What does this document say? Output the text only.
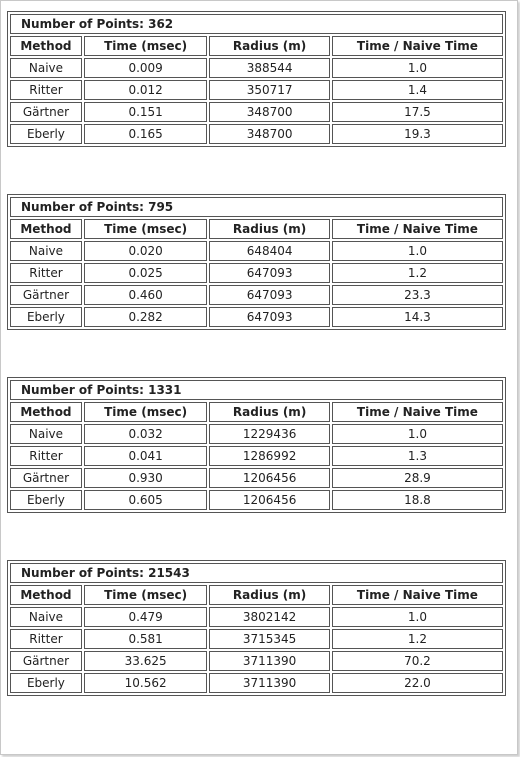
Number of Points: 362			
Method	Time (msec)	Radius (m)	Time / Naive Time
Naive	0.009	388544	1.0
Ritter	0.012	350717	1.4
Gärtner	0.151	348700	17.5
Eberly	0.165	348700	19.3
Number of Points: 795			
Method	Time (msec)	Radius (m)	Time / Naive Time
Naive	0.020	648404	1.0
Ritter	0.025	647093	1.2
Gärtner	0.460	647093	23.3
Eberly	0.282	647093	14.3
Number of Points: 1331			
Method	Time (msec)	Radius (m)	Time / Naive Time
Naive	0.032	1229436	1.0
Ritter	0.041	1286992	1.3
Gärtner	0.930	1206456	28.9
Eberly	0.605	1206456	18.8
Number of Points: 21543			
Method	Time (msec)	Radius (m)	Time / Naive Time
Naive	0.479	3802142	1.0
Ritter	0.581	3715345	1.2
Gärtner	33.625	3711390	70.2
Eberly	10.562	3711390	22.0
